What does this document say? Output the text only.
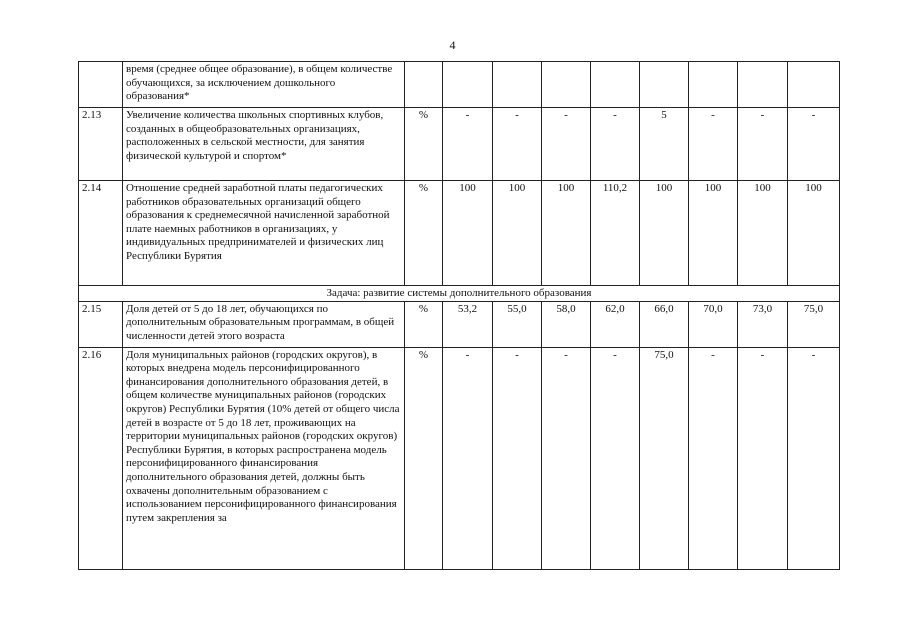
4
	время (среднее общее образование), в общем количестве обучающихся, за исключением дошкольного образования*									
2.13	Увеличение количества школьных спортивных клубов, созданных в общеобразовательных организациях, расположенных в сельской местности, для занятия физической культурой и спортом*	%	-	-	-	-	5	-	-	-
2.14	Отношение средней заработной платы педагогических работников образовательных организаций общего образования к среднемесячной начисленной заработной плате наемных работников в организациях, у индивидуальных предпринимателей и физических лиц Республики Бурятия	%	100	100	100	110,2	100	100	100	100
Задача: развитие системы дополнительного образования										
2.15	Доля детей от 5 до 18 лет, обучающихся по дополнительным образовательным программам, в общей численности детей этого возраста	%	53,2	55,0	58,0	62,0	66,0	70,0	73,0	75,0
2.16	Доля муниципальных районов (городских округов), в которых внедрена модель персонифицированного финансирования дополнительного образования детей, в общем количестве муниципальных районов (городских округов) Республики Бурятия (10% детей от общего числа детей в возрасте от 5 до 18 лет, проживающих на территории муниципальных районов (городских округов) Республики Бурятия, в которых распространена модель персонифицированного финансирования дополнительного образования детей, должны быть охвачены дополнительным образованием с использованием персонифицированного финансирования путем закрепления за	%	-	-	-	-	75,0	-	-	-
